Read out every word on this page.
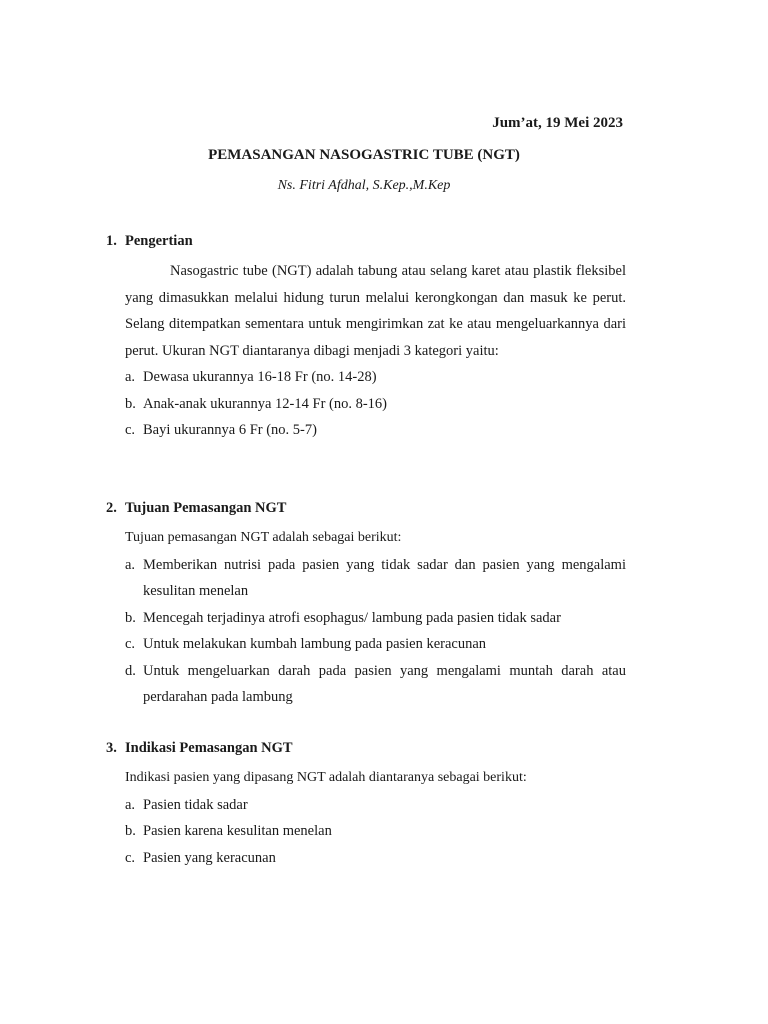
Jum’at, 19 Mei 2023
PEMASANGAN NASOGASTRIC TUBE (NGT)
Ns. Fitri Afdhal, S.Kep.,M.Kep
1. Pengertian

Nasogastric tube (NGT) adalah tabung atau selang karet atau plastik fleksibel yang dimasukkan melalui hidung turun melalui kerongkongan dan masuk ke perut. Selang ditempatkan sementara untuk mengirimkan zat ke atau mengeluarkannya dari perut. Ukuran NGT diantaranya dibagi menjadi 3 kategori yaitu:

a. Dewasa ukurannya 16-18 Fr (no. 14-28)
b. Anak-anak ukurannya 12-14 Fr (no. 8-16)
c. Bayi ukurannya 6 Fr (no. 5-7)
2. Tujuan Pemasangan NGT

Tujuan pemasangan NGT adalah sebagai berikut:

a. Memberikan nutrisi pada pasien yang tidak sadar dan pasien yang mengalami kesulitan menelan
b. Mencegah terjadinya atrofi esophagus/ lambung pada pasien tidak sadar
c. Untuk melakukan kumbah lambung pada pasien keracunan
d. Untuk mengeluarkan darah pada pasien yang mengalami muntah darah atau perdarahan pada lambung
3. Indikasi Pemasangan NGT

Indikasi pasien yang dipasang NGT adalah diantaranya sebagai berikut:

a. Pasien tidak sadar
b. Pasien karena kesulitan menelan
c. Pasien yang keracunan
